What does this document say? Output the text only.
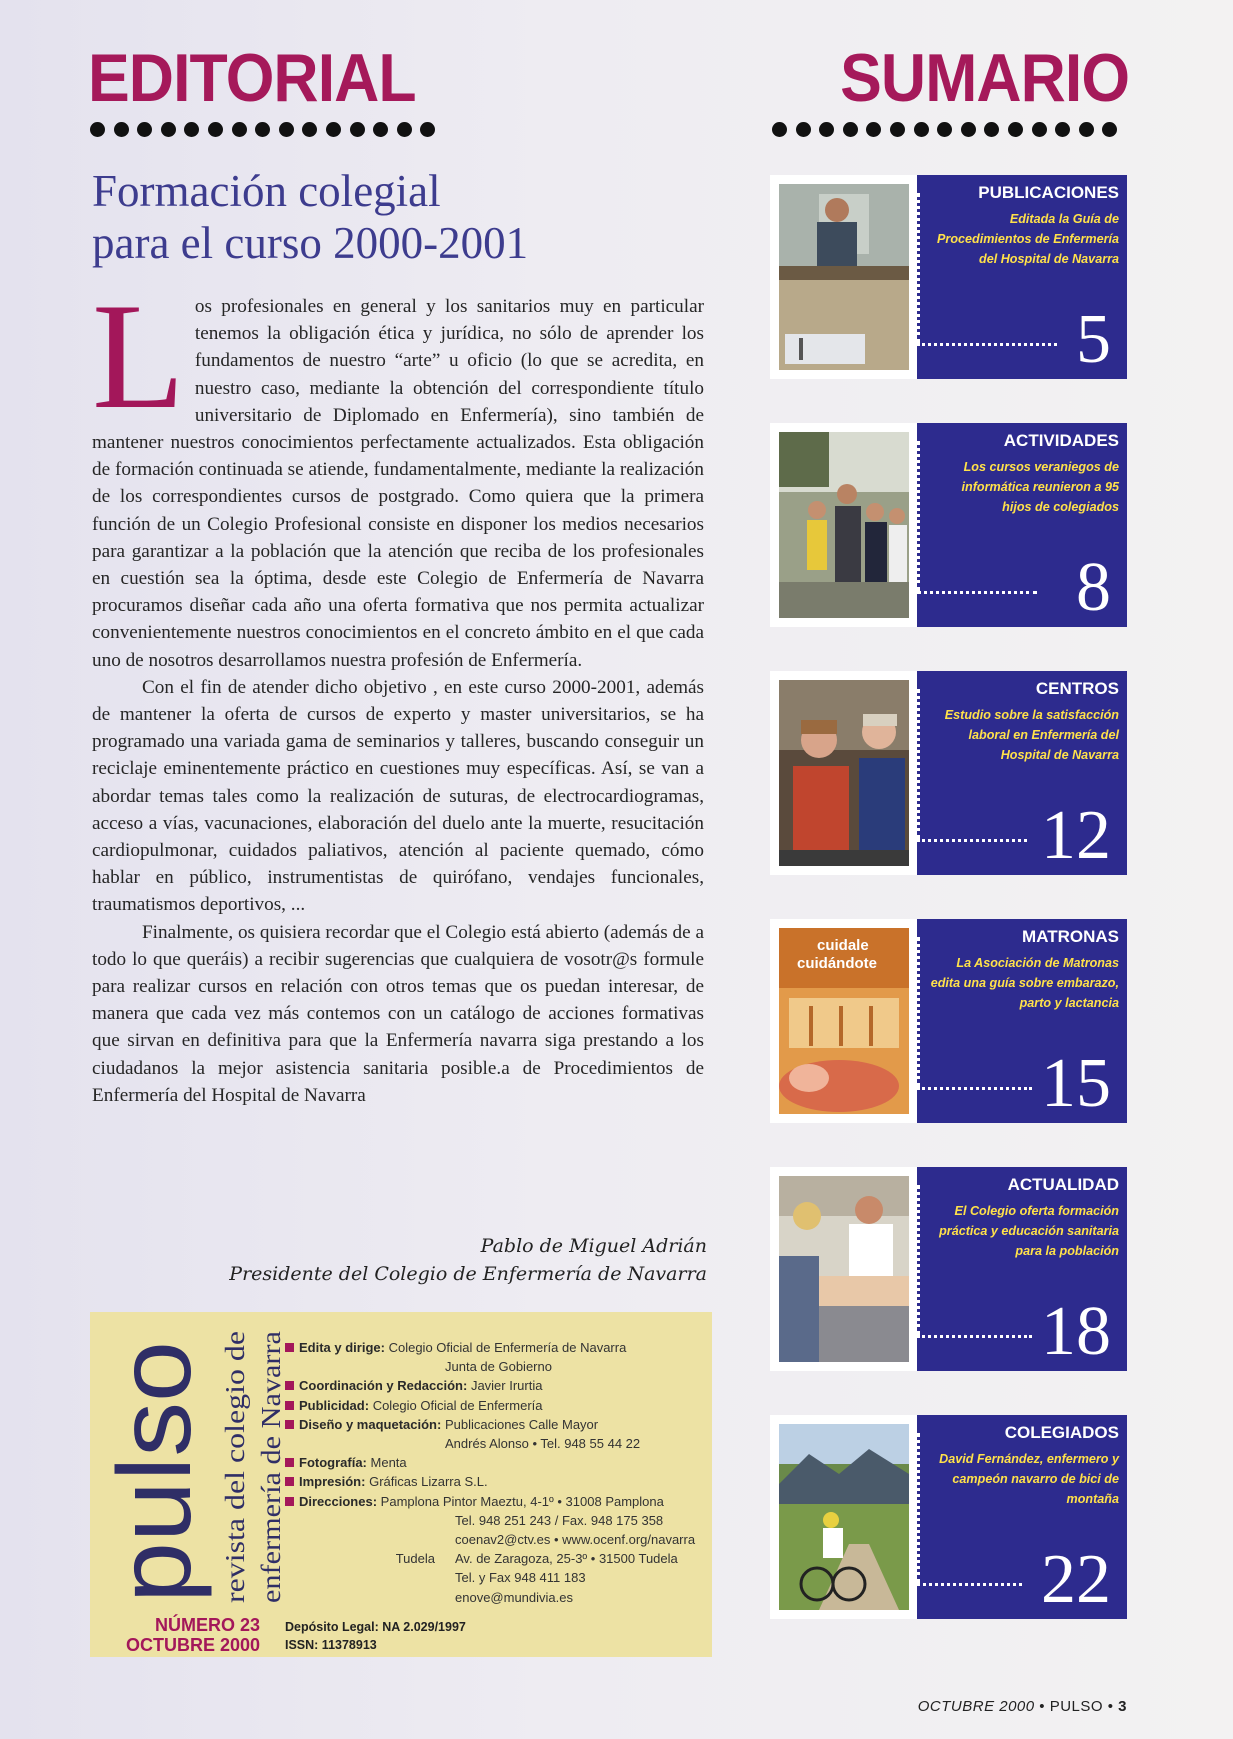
EDITORIAL	SUMARIO
Formación colegial
para el curso 2000-2001

Los profesionales en general y los sanitarios muy en particular tenemos la obligación ética y jurídica, no sólo de aprender los fundamentos de nuestro “arte” u oficio (lo que se acredita, en nuestro caso, mediante la obtención del correspondiente título universitario de Diplomado en Enfermería), sino también de mantener nuestros conocimientos perfectamente actualizados. Esta obligación de formación continuada se atiende, fundamentalmente, mediante la realización de los correspondientes cursos de postgrado. Como quiera que la primera función de un Colegio Profesional consiste en disponer los medios necesarios para garantizar a la población que la atención que reciba de los profesionales en cuestión sea la óptima, desde este Colegio de Enfermería de Navarra procuramos diseñar cada año una oferta formativa que nos permita actualizar convenientemente nuestros conocimientos en el concreto ámbito en el que cada uno de nosotros desarrollamos nuestra profesión de Enfermería.

Con el fin de atender dicho objetivo , en este curso 2000-2001, además de mantener la oferta de cursos de experto y master universitarios, se ha programado una variada gama de seminarios y talleres, buscando conseguir un reciclaje eminentemente práctico en cuestiones muy específicas. Así, se van a abordar temas tales como la realización de suturas, de electrocardiogramas, acceso a vías, vacunaciones, elaboración del duelo ante la muerte, resucitación cardiopulmonar, cuidados paliativos, atención al paciente quemado, cómo hablar en público, instrumentistas de quirófano, vendajes funcionales, traumatismos deportivos, ...

Finalmente, os quisiera recordar que el Colegio está abierto (además de a todo lo que queráis) a recibir sugerencias que cualquiera de vosotr@s formule para realizar cursos en relación con otros temas que os puedan interesar, de manera que cada vez más contemos con un catálogo de acciones formativas que sirvan en definitiva para que la Enfermería navarra siga prestando a los ciudadanos la mejor asistencia sanitaria posible.a de Procedimientos de Enfermería del Hospital de Navarra

Pablo de Miguel Adrián
Presidente del Colegio de Enfermería de Navarra
pulso revista del colegio de enfermería de Navarra
NÚMERO 23
OCTUBRE 2000
Edita y dirige: Colegio Oficial de Enfermería de Navarra
Junta de Gobierno
Coordinación y Redacción: Javier Irurtia
Publicidad: Colegio Oficial de Enfermería
Diseño y maquetación: Publicaciones Calle Mayor
Andrés Alonso • Tel. 948 55 44 22
Fotografía: Menta
Impresión: Gráficas Lizarra S.L.
Direcciones: Pamplona Pintor Maeztu, 4-1º • 31008 Pamplona
Tel. 948 251 243 / Fax. 948 175 358
coenav2@ctv.es • www.ocenf.org/navarra
Tudela	Av. de Zaragoza, 25-3º • 31500 Tudela
Tel. y Fax 948 411 183
enove@mundivia.es
Depósito Legal: NA 2.029/1997
ISSN: 11378913
PUBLICACIONES
Editada la Guía de Procedimientos de Enfermería del Hospital de Navarra
5
ACTIVIDADES
Los cursos veraniegos de informática reunieron a 95 hijos de colegiados
8
CENTROS
Estudio sobre la satisfacción laboral en Enfermería del Hospital de Navarra
12
cuidale
cuidándote
MATRONAS
La Asociación de Matronas edita una guía sobre embarazo, parto y lactancia
15
ACTUALIDAD
El Colegio oferta formación práctica y educación sanitaria para la población
18
COLEGIADOS
David Fernández, enfermero y campeón navarro de bici de montaña
22
OCTUBRE 2000 • PULSO • 3
